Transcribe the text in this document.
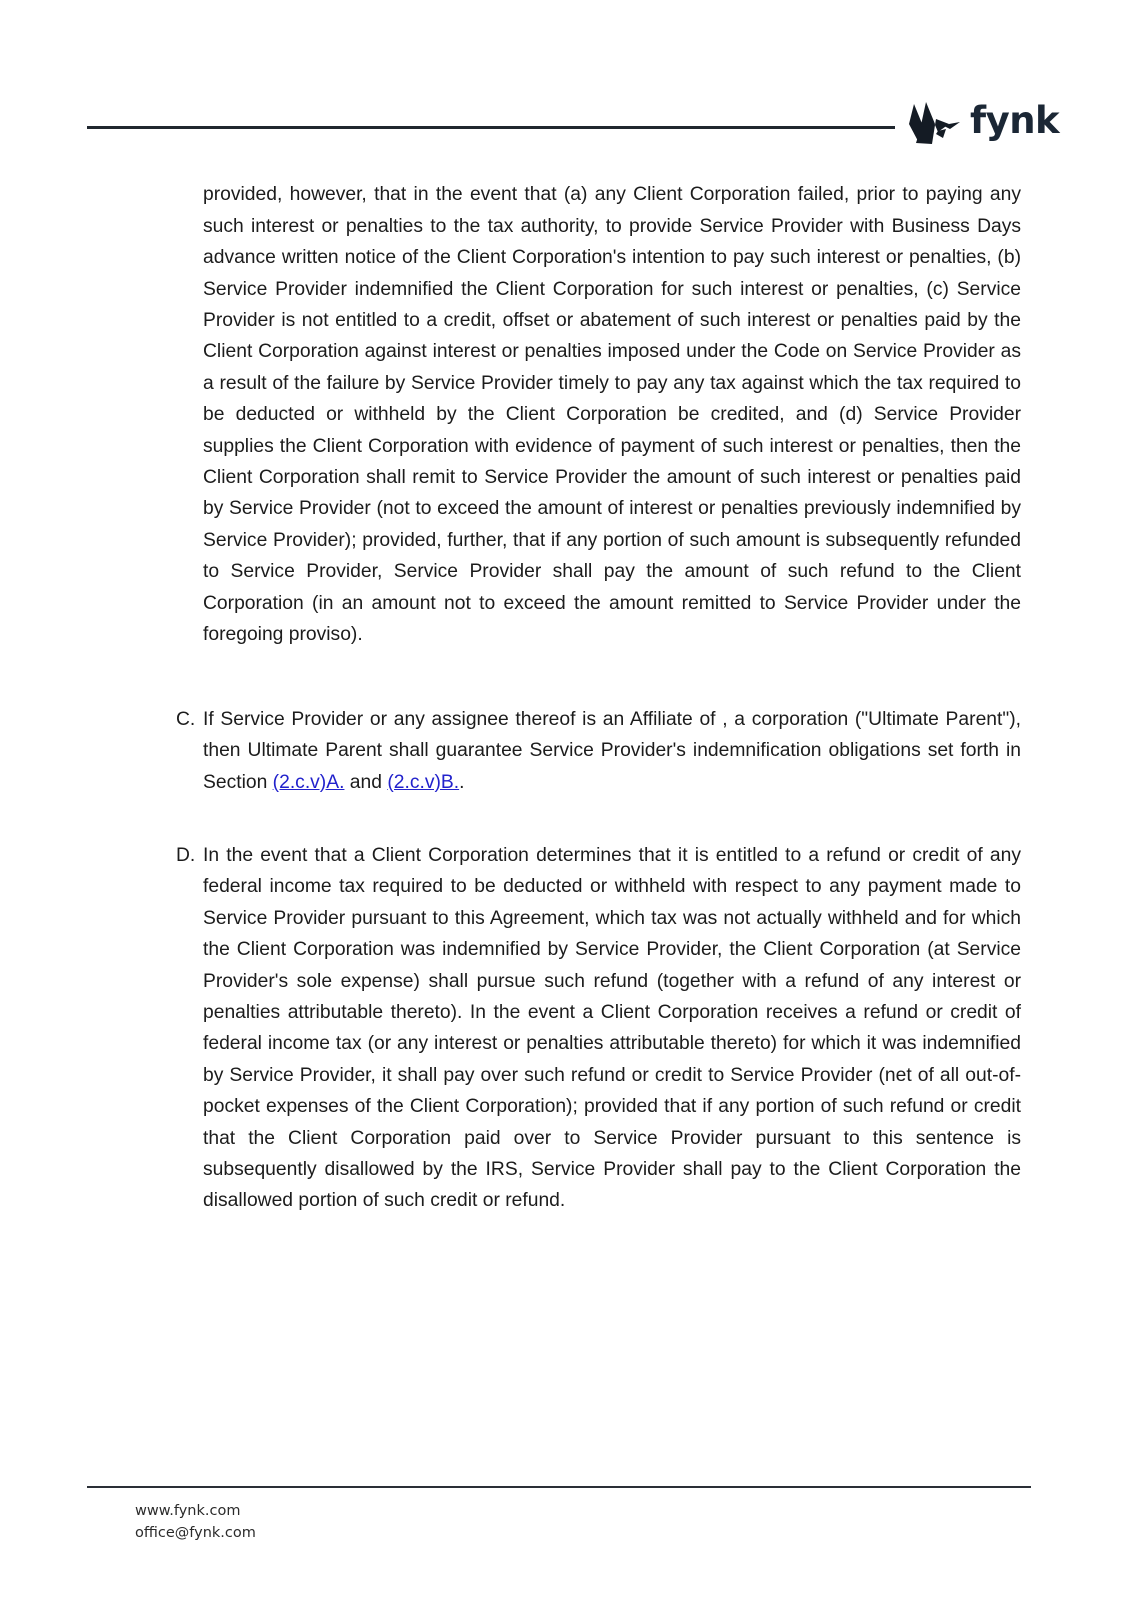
fynk

provided, however, that in the event that (a) any Client Corporation failed, prior to paying any such interest or penalties to the tax authority, to provide Service Provider with Business Days advance written notice of the Client Corporation's intention to pay such interest or penalties, (b) Service Provider indemnified the Client Corporation for such interest or penalties, (c) Service Provider is not entitled to a credit, offset or abatement of such interest or penalties paid by the Client Corporation against interest or penalties imposed under the Code on Service Provider as a result of the failure by Service Provider timely to pay any tax against which the tax required to be deducted or withheld by the Client Corporation be credited, and (d) Service Provider supplies the Client Corporation with evidence of payment of such interest or penalties, then the Client Corporation shall remit to Service Provider the amount of such interest or penalties paid by Service Provider (not to exceed the amount of interest or penalties previously indemnified by Service Provider); provided, further, that if any portion of such amount is subsequently refunded to Service Provider, Service Provider shall pay the amount of such refund to the Client Corporation (in an amount not to exceed the amount remitted to Service Provider under the foregoing proviso).

C. If Service Provider or any assignee thereof is an Affiliate of , a corporation ("Ultimate Parent"), then Ultimate Parent shall guarantee Service Provider's indemnification obligations set forth in Section (2.c.v)A. and (2.c.v)B..
D. In the event that a Client Corporation determines that it is entitled to a refund or credit of any federal income tax required to be deducted or withheld with respect to any payment made to Service Provider pursuant to this Agreement, which tax was not actually withheld and for which the Client Corporation was indemnified by Service Provider, the Client Corporation (at Service Provider's sole expense) shall pursue such refund (together with a refund of any interest or penalties attributable thereto). In the event a Client Corporation receives a refund or credit of federal income tax (or any interest or penalties attributable thereto) for which it was indemnified by Service Provider, it shall pay over such refund or credit to Service Provider (net of all out-of-pocket expenses of the Client Corporation); provided that if any portion of such refund or credit that the Client Corporation paid over to Service Provider pursuant to this sentence is subsequently disallowed by the IRS, Service Provider shall pay to the Client Corporation the disallowed portion of such credit or refund.
www.fynk.com
office@fynk.com
